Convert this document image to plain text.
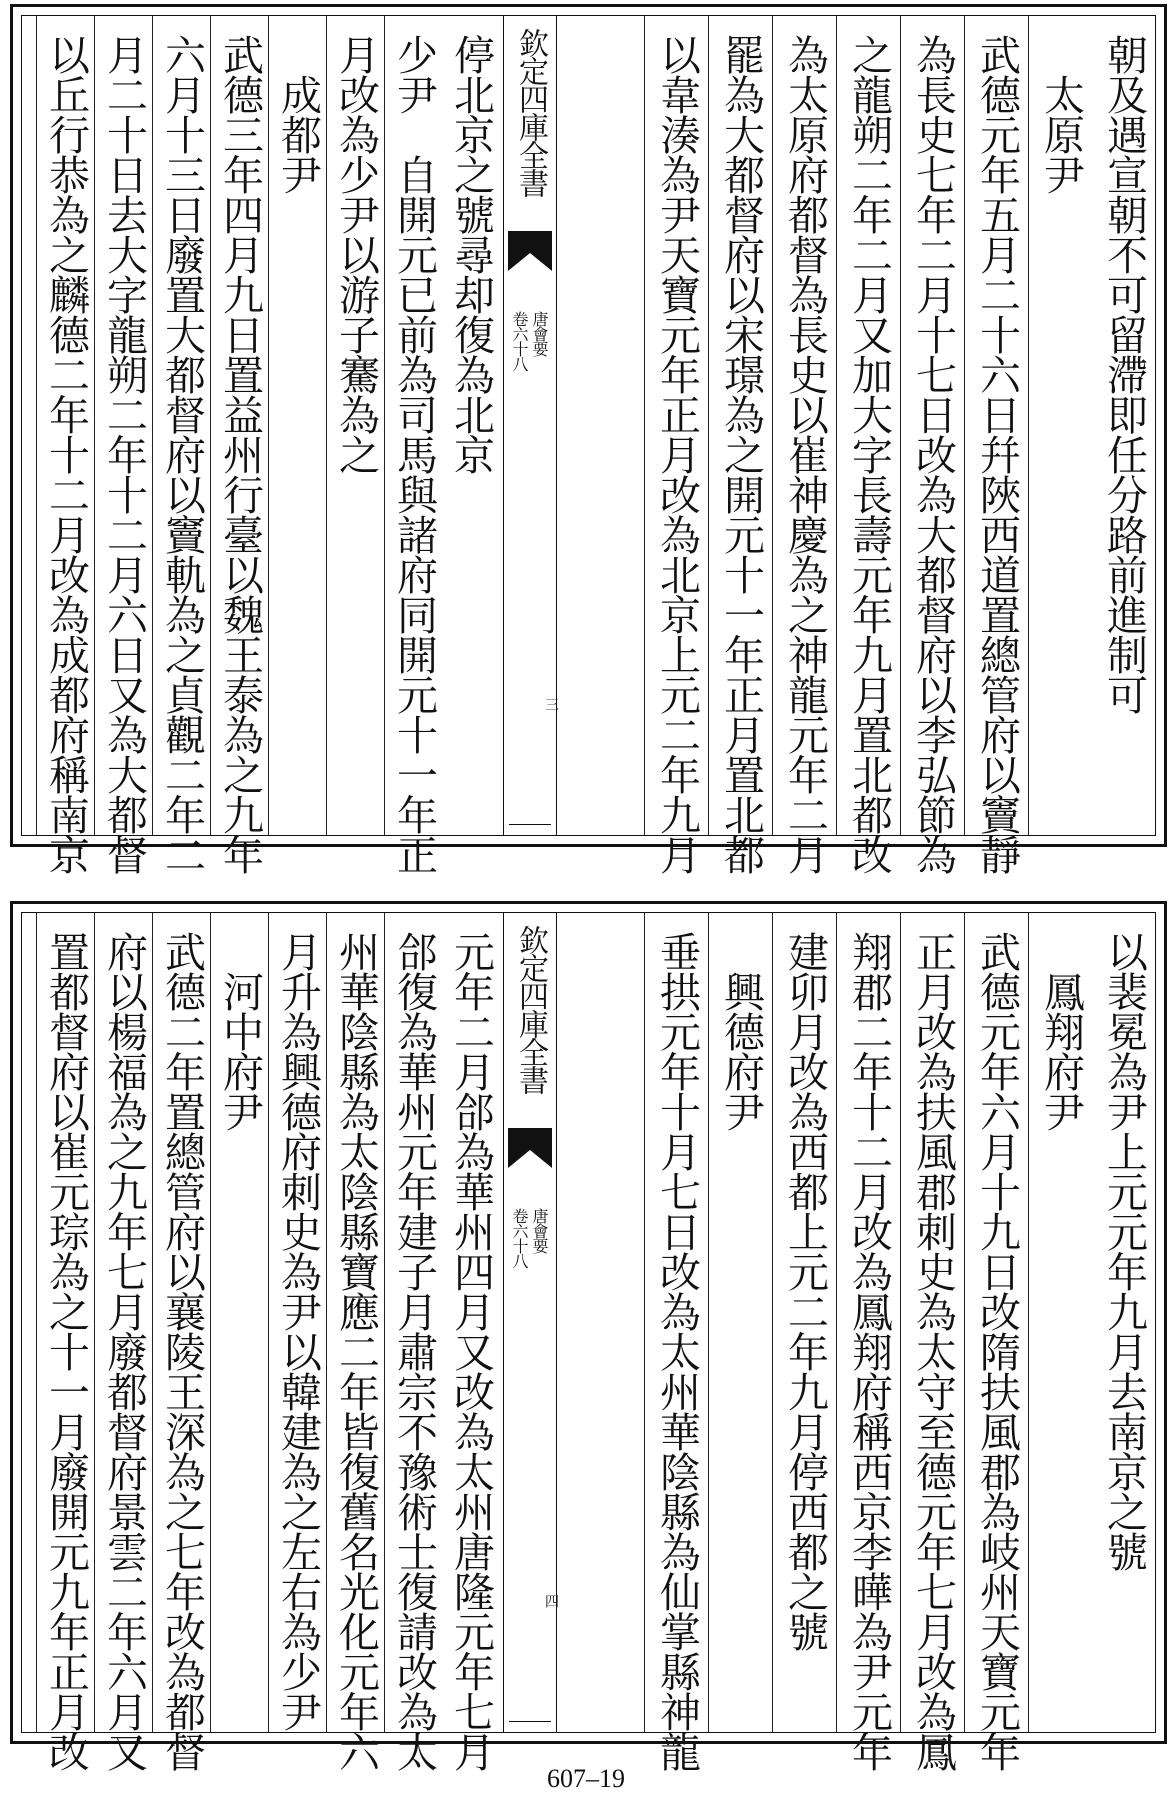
朝及遇宣朝不可留滯即任分路前進制可
　太原尹
武德元年五月二十六日幷陜西道置總管府以竇靜
為長史七年二月十七日改為大都督府以李弘節為
之龍朔二年二月又加大字長壽元年九月置北都改
為太原府都督為長史以崔神慶為之神龍元年二月
罷為大都督府以宋璟為之開元十一年正月置北都
以韋湊為尹天寶元年正月改為北京上元二年九月
停北京之號尋却復為北京
少尹　自開元已前為司馬與諸府同開元十一年正
月改為少尹以游子騫為之
　成都尹
武德三年四月九日置益州行臺以魏王泰為之九年
六月十三日廢置大都督府以竇軌為之貞觀二年二
月二十日去大字龍朔二年十二月六日又為大都督
以丘行恭為之麟德二年十二月改為成都府稱南京	欽定四庫全書
唐會要
卷六十八
三
以裴冕為尹上元元年九月去南京之號
　鳳翔府尹
武德元年六月十九日改隋扶風郡為岐州天寶元年
正月改為扶風郡刺史為太守至德元年七月改為鳳
翔郡二年十二月改為鳳翔府稱西京李曄為尹元年
建卯月改為西都上元二年九月停西都之號
　興德府尹
垂拱元年十月七日改為太州華陰縣為仙掌縣神龍
元年二月郃為華州四月又改為太州唐隆元年七月
郃復為華州元年建子月肅宗不豫術士復請改為太
州華陰縣為太陰縣寶應二年皆復舊名光化元年六
月升為興德府刺史為尹以韓建為之左右為少尹
　河中府尹
武德二年置總管府以襄陵王深為之七年改為都督
府以楊福為之九年七月廢都督府景雲二年六月又
置都督府以崔元琮為之十一月廢開元九年正月改	欽定四庫全書
唐會要
卷六十八
四
607–19
